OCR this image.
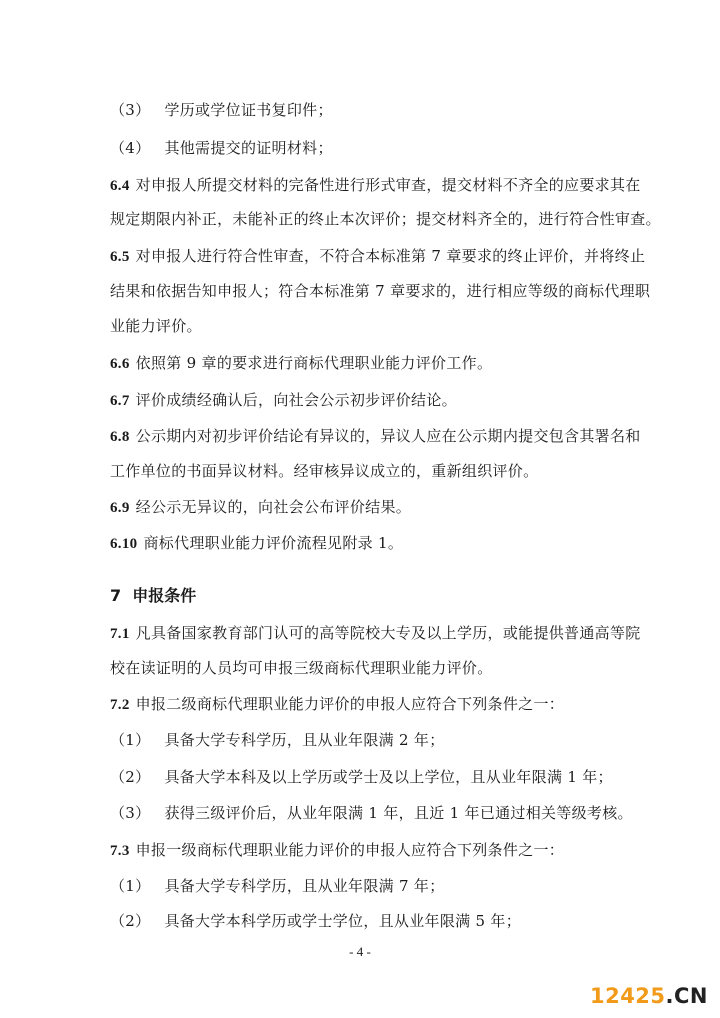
（3） 学历或学位证书复印件；
（4） 其他需提交的证明材料；
6.4 对申报人所提交材料的完备性进行形式审查，提交材料不齐全的应要求其在
规定期限内补正，未能补正的终止本次评价；提交材料齐全的，进行符合性审查。
6.5 对申报人进行符合性审查，不符合本标准第 7 章要求的终止评价，并将终止
结果和依据告知申报人；符合本标准第 7 章要求的，进行相应等级的商标代理职
业能力评价。
6.6 依照第 9 章的要求进行商标代理职业能力评价工作。
6.7 评价成绩经确认后，向社会公示初步评价结论。
6.8 公示期内对初步评价结论有异议的，异议人应在公示期内提交包含其署名和
工作单位的书面异议材料。经审核异议成立的，重新组织评价。
6.9 经公示无异议的，向社会公布评价结果。
6.10 商标代理职业能力评价流程见附录 1。
7 申报条件
7.1 凡具备国家教育部门认可的高等院校大专及以上学历，或能提供普通高等院
校在读证明的人员均可申报三级商标代理职业能力评价。
7.2 申报二级商标代理职业能力评价的申报人应符合下列条件之一：
（1） 具备大学专科学历，且从业年限满 2 年；
（2） 具备大学本科及以上学历或学士及以上学位，且从业年限满 1 年；
（3） 获得三级评价后，从业年限满 1 年，且近 1 年已通过相关等级考核。
7.3 申报一级商标代理职业能力评价的申报人应符合下列条件之一：
（1） 具备大学专科学历，且从业年限满 7 年；
（2） 具备大学本科学历或学士学位，且从业年限满 5 年；
- 4 -
12425.CN
